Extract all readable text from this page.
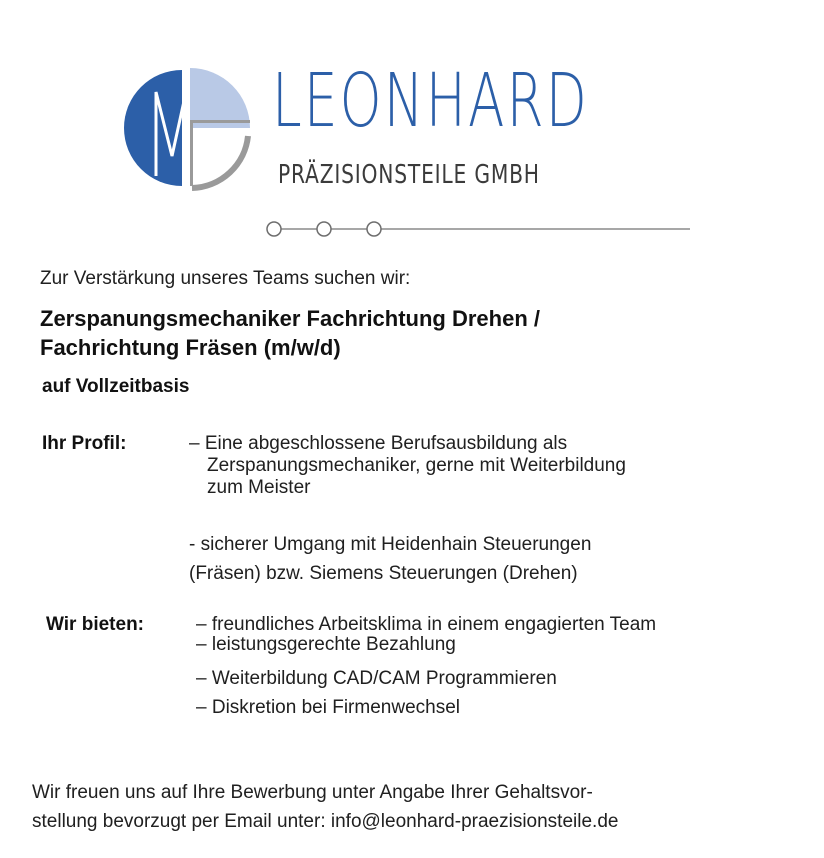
LEONHARD
PRÄZISIONSTEILE GMBH
Zur Verstärkung unseres Teams suchen wir:
Zerspanungsmechaniker Fachrichtung Drehen /
Fachrichtung Fräsen (m/w/d)
auf Vollzeitbasis
Ihr Profil:	– Eine abgeschlossene Berufsausbildung als
Zerspanungsmechaniker, gerne mit Weiterbildung
zum Meister
- sicherer Umgang mit Heidenhain Steuerungen
(Fräsen) bzw. Siemens Steuerungen (Drehen)
Wir bieten:	– freundliches Arbeitsklima in einem engagierten Team
– leistungsgerechte Bezahlung
– Weiterbildung CAD/CAM Programmieren
– Diskretion bei Firmenwechsel
Wir freuen uns auf Ihre Bewerbung unter Angabe Ihrer Gehaltsvor-
stellung bevorzugt per Email unter: info@leonhard-praezisionsteile.de
